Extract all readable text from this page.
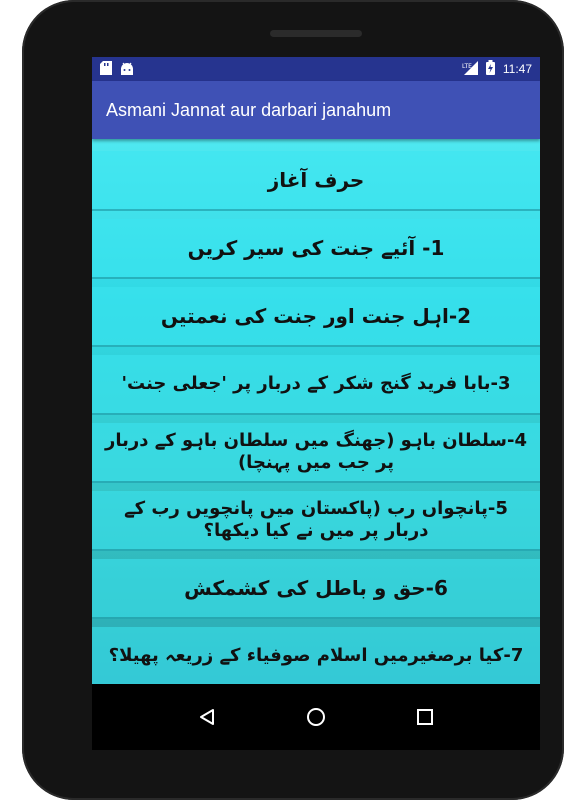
LTE	11:47
Asmani Jannat aur darbari janahum
حرف آغاز
1- آئیے جنت کی سیر کریں
2-اہل جنت اور جنت کی نعمتیں
3-بابا فرید گنج شکر کے دربار پر 'جعلی جنت'
4-سلطان باہو (جھنگ میں سلطان باہو کے دربار پر جب میں پہنچا)
5-پانچواں رب (پاکستان میں پانچویں رب کے دربار پر میں نے کیا دیکھا؟
6-حق و باطل کی کشمکش
7-کیا برصغیرمیں اسلام صوفیاء کے زریعہ پھیلا؟
